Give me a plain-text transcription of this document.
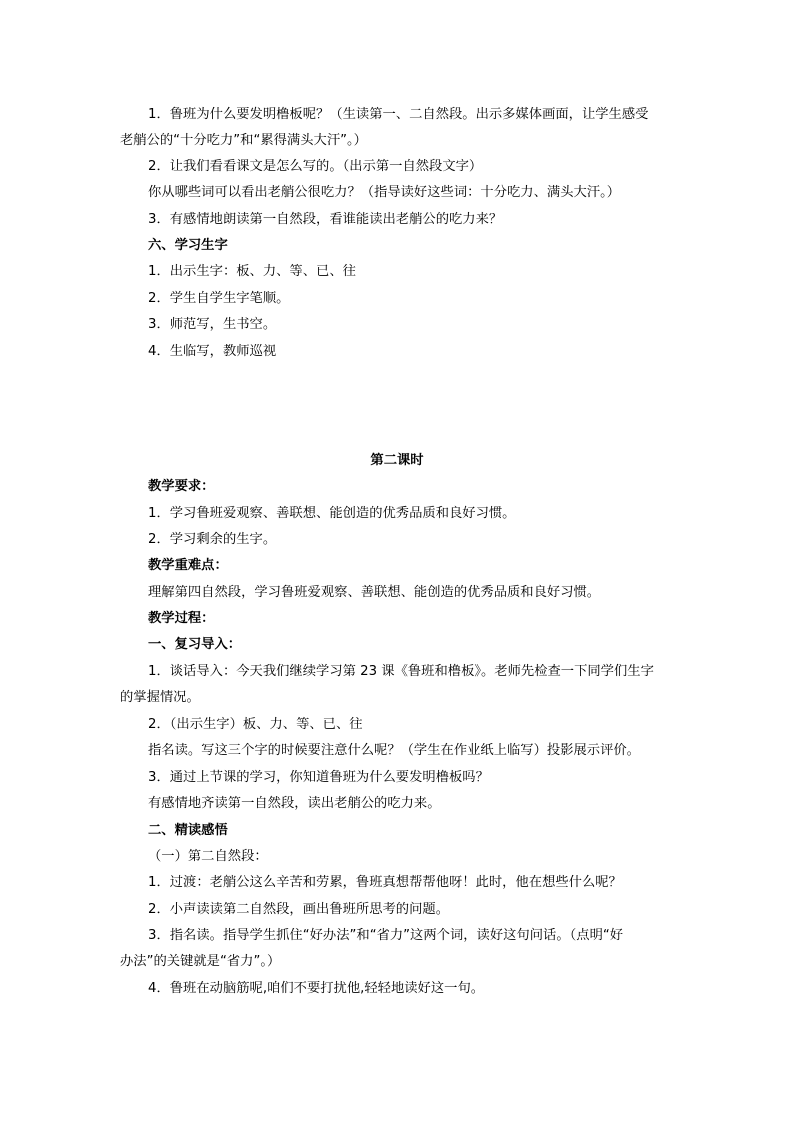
1．鲁班为什么要发明橹板呢？（生读第一、二自然段。出示多媒体画面，让学生感受
老艄公的“十分吃力”和“累得满头大汗”。）
2．让我们看看课文是怎么写的。（出示第一自然段文字）
你从哪些词可以看出老艄公很吃力？（指导读好这些词：十分吃力、满头大汗。）
3．有感情地朗读第一自然段，看谁能读出老艄公的吃力来？
六、学习生字
1．出示生字：板、力、等、已、往
2．学生自学生字笔顺。
3．师范写，生书空。
4．生临写，教师巡视
第二课时
教学要求：
1．学习鲁班爱观察、善联想、能创造的优秀品质和良好习惯。
2．学习剩余的生字。
教学重难点：
理解第四自然段，学习鲁班爱观察、善联想、能创造的优秀品质和良好习惯。
教学过程：
一、复习导入：
1．谈话导入：今天我们继续学习第 23 课《鲁班和橹板》。老师先检查一下同学们生字
的掌握情况。
2．（出示生字）板、力、等、已、往
指名读。写这三个字的时候要注意什么呢？（学生在作业纸上临写）投影展示评价。
3．通过上节课的学习，你知道鲁班为什么要发明橹板吗？
有感情地齐读第一自然段，读出老艄公的吃力来。
二、精读感悟
（一）第二自然段：
1．过渡：老艄公这么辛苦和劳累，鲁班真想帮帮他呀！此时，他在想些什么呢？
2．小声读读第二自然段，画出鲁班所思考的问题。
3．指名读。指导学生抓住“好办法”和“省力”这两个词，读好这句问话。（点明“好
办法”的关键就是“省力”。）
4．鲁班在动脑筋呢,咱们不要打扰他,轻轻地读好这一句。
